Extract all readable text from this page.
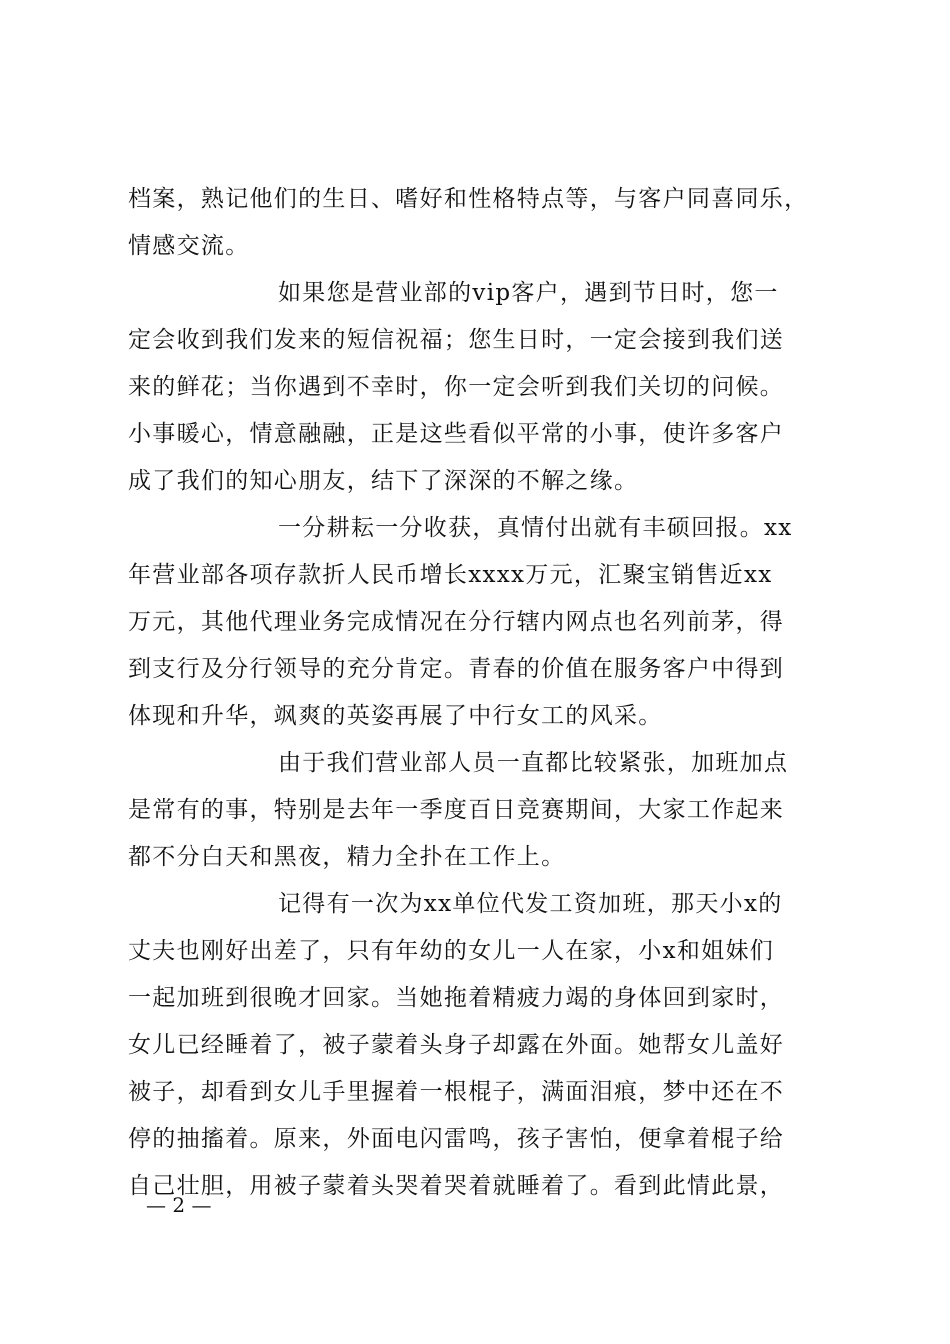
档案，熟记他们的生日、嗜好和性格特点等，与客户同喜同乐，
情感交流。
如果您是营业部的vip客户，遇到节日时，您一
定会收到我们发来的短信祝福；您生日时，一定会接到我们送
来的鲜花；当你遇到不幸时，你一定会听到我们关切的问候。
小事暖心，情意融融，正是这些看似平常的小事，使许多客户
成了我们的知心朋友，结下了深深的不解之缘。
一分耕耘一分收获，真情付出就有丰硕回报。xx
年营业部各项存款折人民币增长xxxx万元，汇聚宝销售近xx
万元，其他代理业务完成情况在分行辖内网点也名列前茅，得
到支行及分行领导的充分肯定。青春的价值在服务客户中得到
体现和升华，飒爽的英姿再展了中行女工的风采。
由于我们营业部人员一直都比较紧张，加班加点
是常有的事，特别是去年一季度百日竞赛期间，大家工作起来
都不分白天和黑夜，精力全扑在工作上。
记得有一次为xx单位代发工资加班，那天小x的
丈夫也刚好出差了，只有年幼的女儿一人在家，小x和姐妹们
一起加班到很晚才回家。当她拖着精疲力竭的身体回到家时，
女儿已经睡着了，被子蒙着头身子却露在外面。她帮女儿盖好
被子，却看到女儿手里握着一根棍子，满面泪痕，梦中还在不
停的抽搐着。原来，外面电闪雷鸣，孩子害怕，便拿着棍子给
自己壮胆，用被子蒙着头哭着哭着就睡着了。看到此情此景，
— 2 —
